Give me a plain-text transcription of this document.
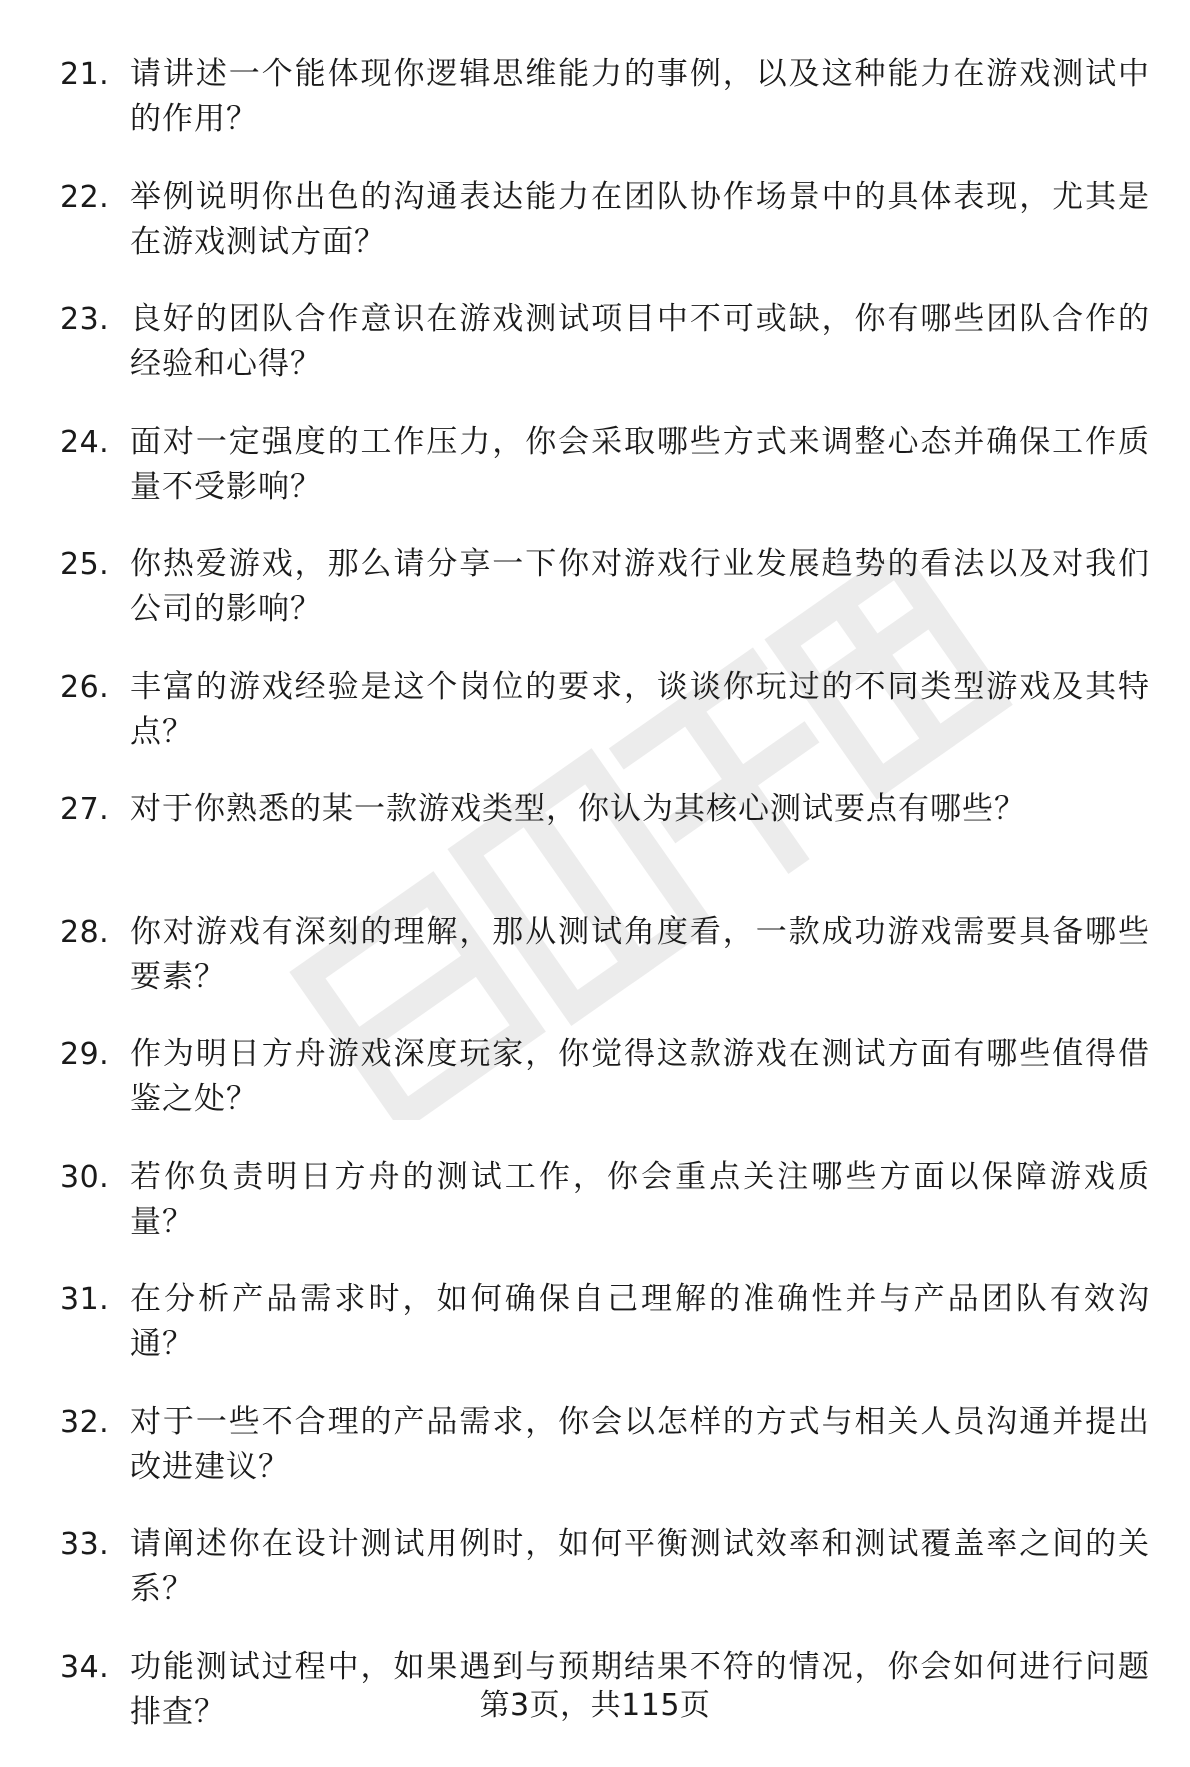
21. 请讲述一个能体现你逻辑思维能力的事例，以及这种能力在游戏测试中的作用？
22. 举例说明你出色的沟通表达能力在团队协作场景中的具体表现，尤其是在游戏测试方面？
23. 良好的团队合作意识在游戏测试项目中不可或缺，你有哪些团队合作的经验和心得？
24. 面对一定强度的工作压力，你会采取哪些方式来调整心态并确保工作质量不受影响？
25. 你热爱游戏，那么请分享一下你对游戏行业发展趋势的看法以及对我们公司的影响？
26. 丰富的游戏经验是这个岗位的要求，谈谈你玩过的不同类型游戏及其特点？
27. 对于你熟悉的某一款游戏类型，你认为其核心测试要点有哪些？
28. 你对游戏有深刻的理解，那从测试角度看，一款成功游戏需要具备哪些要素？
29. 作为明日方舟游戏深度玩家，你觉得这款游戏在测试方面有哪些值得借鉴之处？
30. 若你负责明日方舟的测试工作，你会重点关注哪些方面以保障游戏质量？
31. 在分析产品需求时，如何确保自己理解的准确性并与产品团队有效沟通？
32. 对于一些不合理的产品需求，你会以怎样的方式与相关人员沟通并提出改进建议？
33. 请阐述你在设计测试用例时，如何平衡测试效率和测试覆盖率之间的关系？
34. 功能测试过程中，如果遇到与预期结果不符的情况，你会如何进行问题排查？	第3页，共115页
